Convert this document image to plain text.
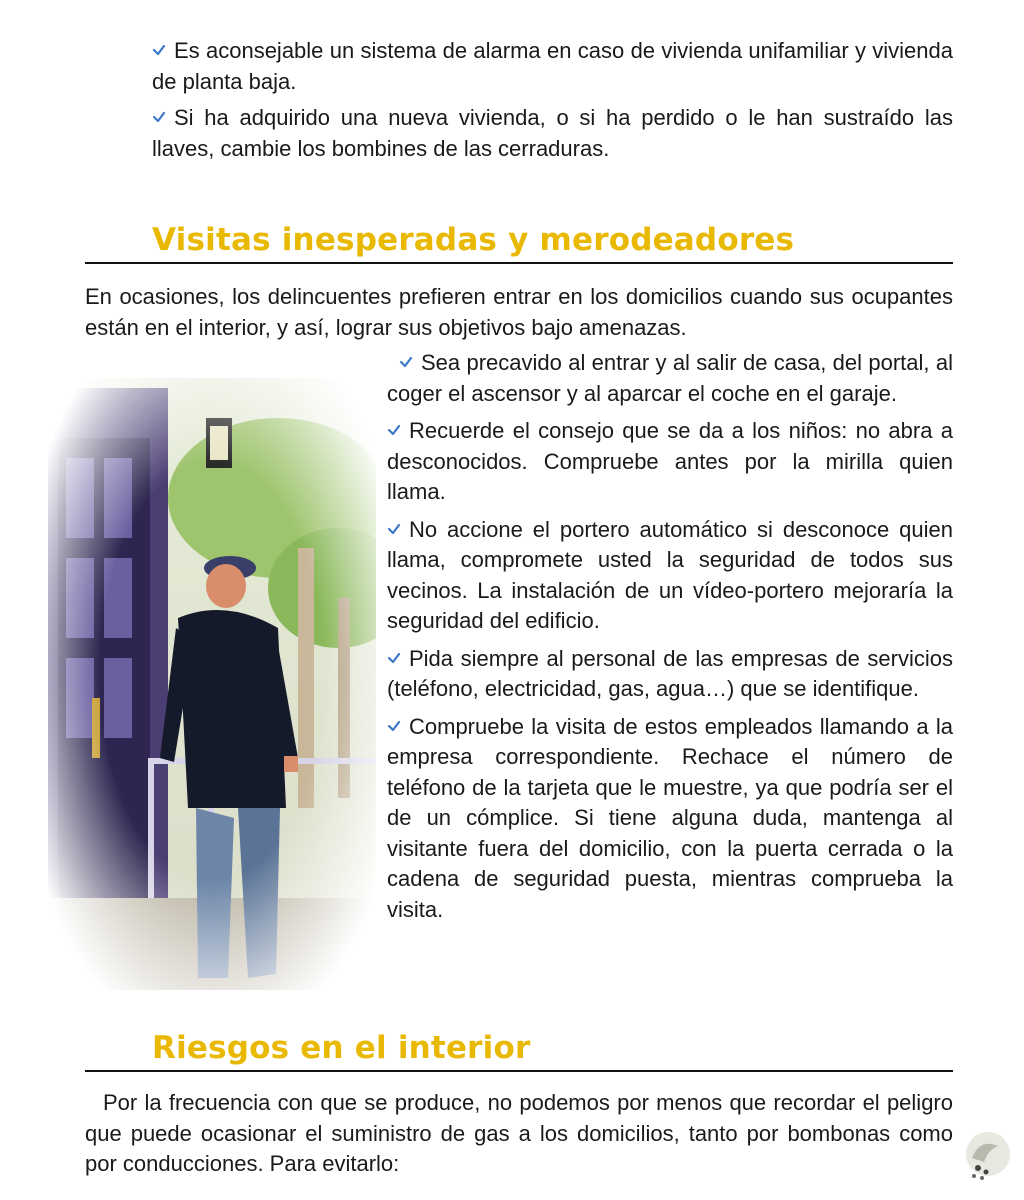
Es aconsejable un sistema de alarma en caso de vivienda unifamiliar y vivienda de planta baja.

Si ha adquirido una nueva vivienda, o si ha perdido o le han sustraído las llaves, cambie los bombines de las cerraduras.

Visitas inesperadas y merodeadores

En ocasiones, los delincuentes prefieren entrar en los domicilios cuando sus ocupantes están en el interior, y así, lograr sus objetivos bajo amenazas.

Sea precavido al entrar y al salir de casa, del portal, al coger el ascensor y al aparcar el coche en el garaje.

Recuerde el consejo que se da a los niños: no abra a desconocidos. Compruebe antes por la mirilla quien llama.

No accione el portero automático si desconoce quien llama, compromete usted la seguridad de todos sus vecinos. La instalación de un vídeo-portero mejoraría la seguridad del edificio.

Pida siempre al personal de las empresas de servicios (teléfono, electricidad, gas, agua…) que se identifique.

Compruebe la visita de estos empleados llamando a la empresa correspondiente. Rechace el número de teléfono de la tarjeta que le muestre, ya que podría ser el de un cómplice. Si tiene alguna duda, mantenga al visitante fuera del domicilio, con la puerta cerrada o la cadena de seguridad puesta, mientras comprueba la visita.

Riesgos en el interior

Por la frecuencia con que se produce, no podemos por menos que recordar el peligro que puede ocasionar el suministro de gas a los domicilios, tanto por bombonas como por conducciones. Para evitarlo:
